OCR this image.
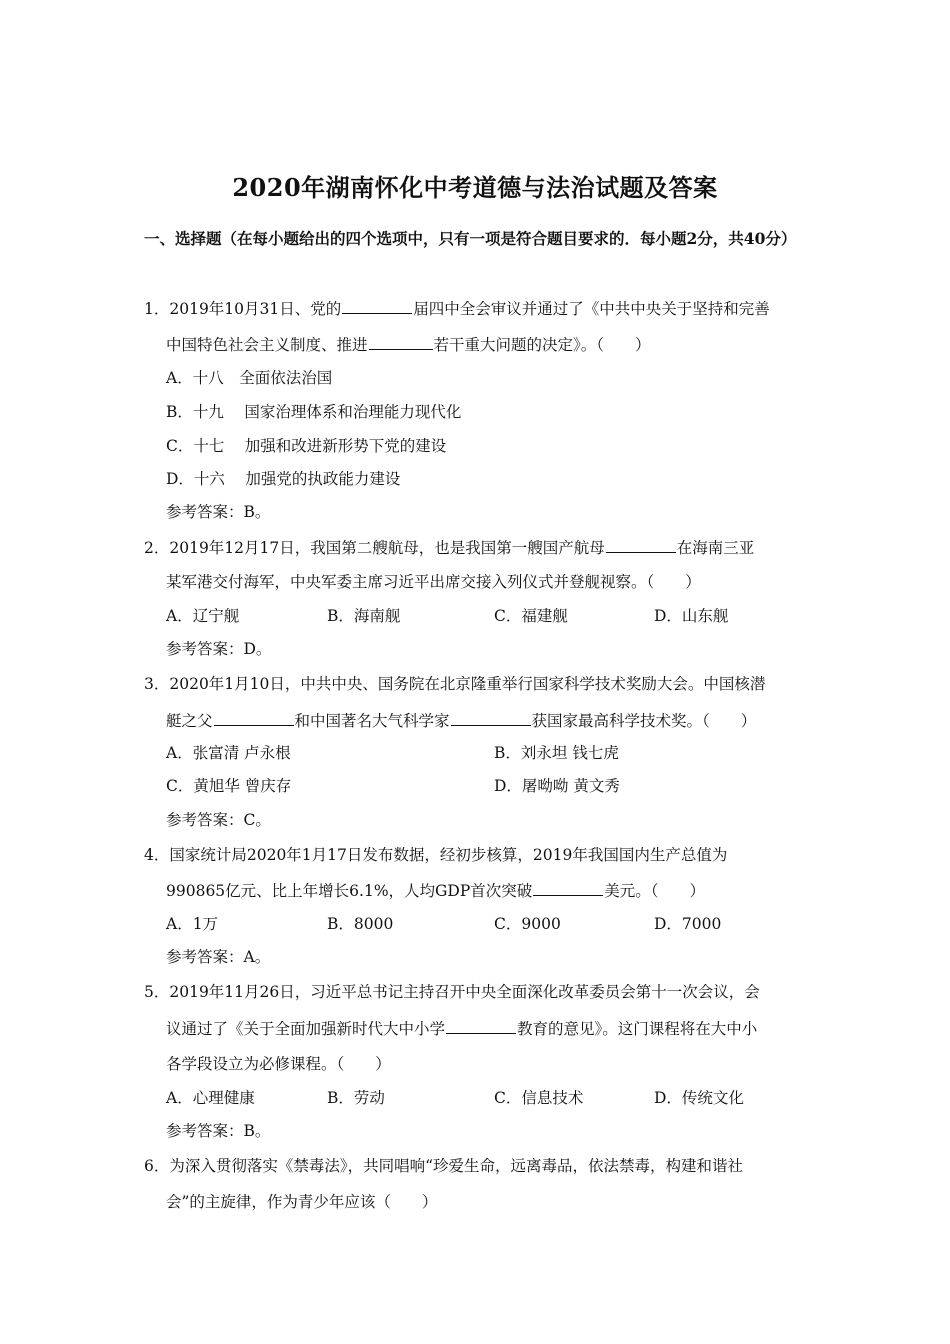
2020年湖南怀化中考道德与法治试题及答案
一、选择题（在每小题给出的四个选项中，只有一项是符合题目要求的．每小题2分，共40分）
1．2019年10月31日、党的	届四中全会审议并通过了《中共中央关于坚持和完善
中国特色社会主义制度、推进	若干重大问题的决定》。（　　）
A．十八　全面依法治国
B．十九　 国家治理体系和治理能力现代化
C．十七　 加强和改进新形势下党的建设
D．十六　 加强党的执政能力建设
参考答案：B。
2．2019年12月17日，我国第二艘航母，也是我国第一艘国产航母	在海南三亚
某军港交付海军，中央军委主席习近平出席交接入列仪式并登舰视察。（　　）
A．辽宁舰	B．海南舰	C．福建舰	D．山东舰
参考答案：D。
3．2020年1月10日，中共中央、国务院在北京隆重举行国家科学技术奖励大会。中国核潜
艇之父	和中国著名大气科学家	获国家最高科学技术奖。（　　）
A．张富清 卢永根	B．刘永坦 钱七虎
C．黄旭华 曾庆存	D．屠呦呦 黄文秀
参考答案：C。
4．国家统计局2020年1月17日发布数据，经初步核算，2019年我国国内生产总值为
990865亿元、比上年增长6.1%，人均GDP首次突破	美元。（　　）
A．1万	B．8000	C．9000	D．7000
参考答案：A。
5．2019年11月26日，习近平总书记主持召开中央全面深化改革委员会第十一次会议，会
议通过了《关于全面加强新时代大中小学	教育的意见》。这门课程将在大中小
各学段设立为必修课程。（　　）
A．心理健康	B．劳动	C．信息技术	D．传统文化
参考答案：B。
6．为深入贯彻落实《禁毒法》，共同唱响“珍爱生命，远离毒品，依法禁毒，构建和谐社
会”的主旋律，作为青少年应该（　　）
